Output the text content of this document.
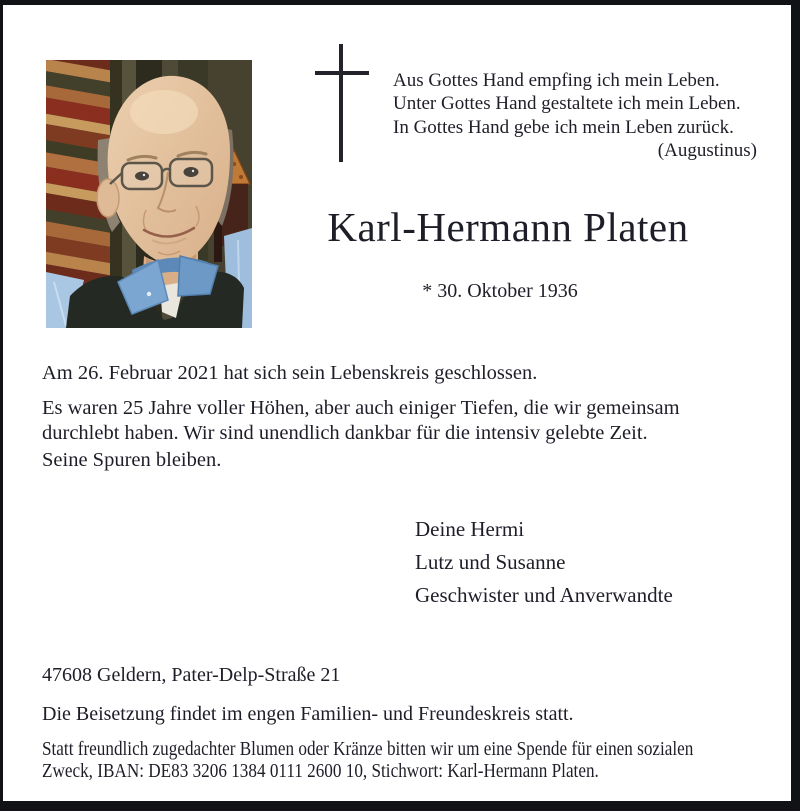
Aus Gottes Hand empfing ich mein Leben.
Unter Gottes Hand gestaltete ich mein Leben.
In Gottes Hand gebe ich mein Leben zurück.
(Augustinus)
Karl-Hermann Platen
* 30. Oktober 1936
Am 26. Februar 2021 hat sich sein Lebenskreis geschlossen.
Es waren 25 Jahre voller Höhen, aber auch einiger Tiefen, die wir gemeinsam durchlebt haben. Wir sind unendlich dankbar für die intensiv gelebte Zeit.
Seine Spuren bleiben.
Deine Hermi
Lutz und Susanne
Geschwister und Anverwandte
47608 Geldern, Pater-Delp-Straße 21
Die Beisetzung findet im engen Familien- und Freundeskreis statt.
Statt freundlich zugedachter Blumen oder Kränze bitten wir um eine Spende für einen sozialen
Zweck, IBAN: DE83 3206 1384 0111 2600 10, Stichwort: Karl-Hermann Platen.
